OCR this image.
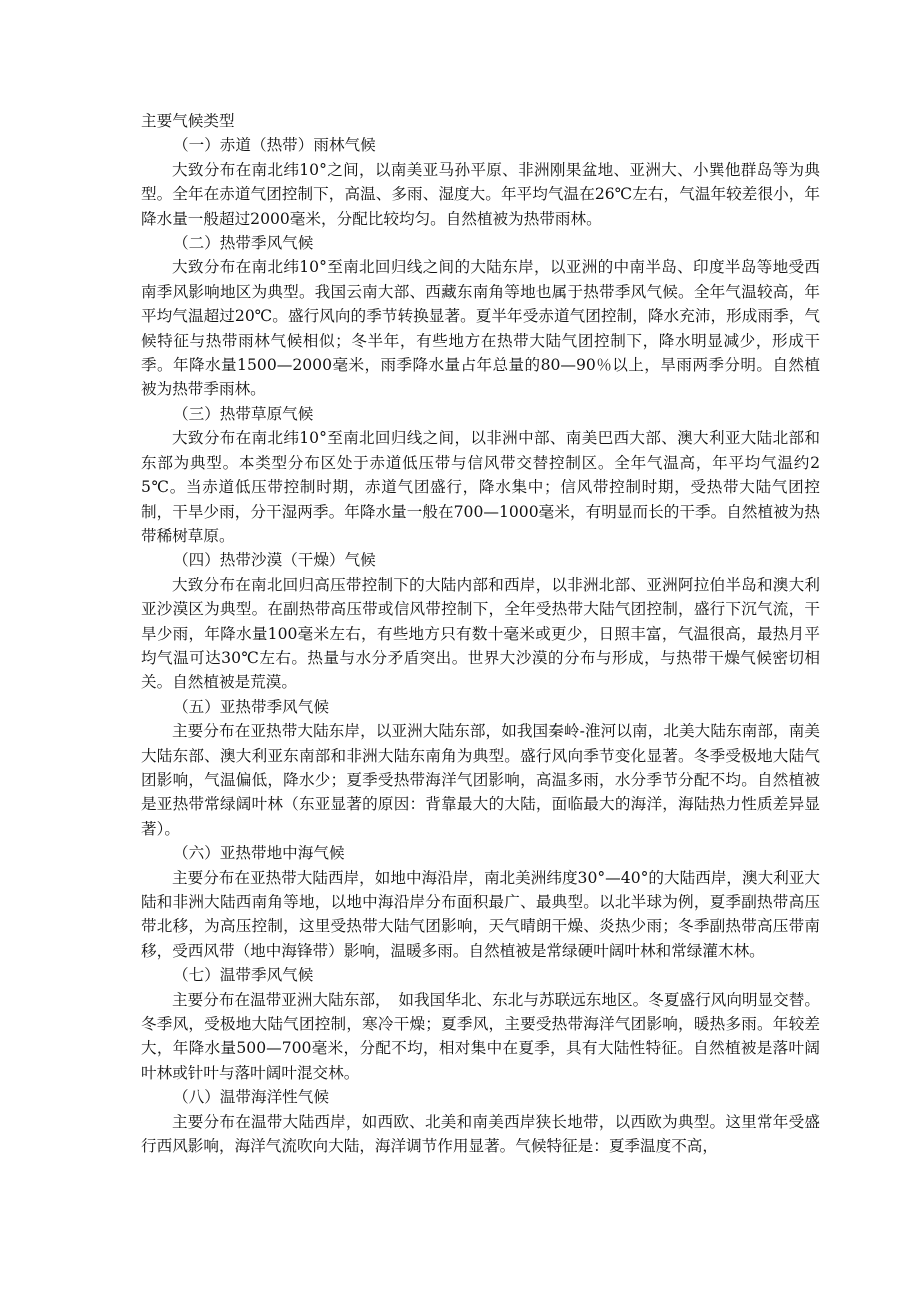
主要气候类型
（一）赤道（热带）雨林气候

大致分布在南北纬10°之间，以南美亚马孙平原、非洲刚果盆地、亚洲大、小巽他群岛等为典型。全年在赤道气团控制下，高温、多雨、湿度大。年平均气温在26℃左右，气温年较差很小，年降水量一般超过2000毫米，分配比较均匀。自然植被为热带雨林。

（二）热带季风气候

大致分布在南北纬10°至南北回归线之间的大陆东岸，以亚洲的中南半岛、印度半岛等地受西南季风影响地区为典型。我国云南大部、西藏东南角等地也属于热带季风气候。全年气温较高，年平均气温超过20℃。盛行风向的季节转换显著。夏半年受赤道气团控制，降水充沛，形成雨季，气候特征与热带雨林气候相似；冬半年，有些地方在热带大陆气团控制下，降水明显减少，形成干季。年降水量1500—2000毫米，雨季降水量占年总量的80—90％以上，旱雨两季分明。自然植被为热带季雨林。

（三）热带草原气候

大致分布在南北纬10°至南北回归线之间，以非洲中部、南美巴西大部、澳大利亚大陆北部和东部为典型。本类型分布区处于赤道低压带与信风带交替控制区。全年气温高，年平均气温约25℃。当赤道低压带控制时期，赤道气团盛行，降水集中；信风带控制时期，受热带大陆气团控制，干旱少雨，分干湿两季。年降水量一般在700—1000毫米，有明显而长的干季。自然植被为热带稀树草原。

（四）热带沙漠（干燥）气候

大致分布在南北回归高压带控制下的大陆内部和西岸，以非洲北部、亚洲阿拉伯半岛和澳大利亚沙漠区为典型。在副热带高压带或信风带控制下，全年受热带大陆气团控制，盛行下沉气流，干旱少雨，年降水量100毫米左右，有些地方只有数十毫米或更少，日照丰富，气温很高，最热月平均气温可达30℃左右。热量与水分矛盾突出。世界大沙漠的分布与形成，与热带干燥气候密切相关。自然植被是荒漠。

（五）亚热带季风气候

主要分布在亚热带大陆东岸，以亚洲大陆东部，如我国秦岭-淮河以南，北美大陆东南部，南美大陆东部、澳大利亚东南部和非洲大陆东南角为典型。盛行风向季节变化显著。冬季受极地大陆气团影响，气温偏低，降水少；夏季受热带海洋气团影响，高温多雨，水分季节分配不均。自然植被是亚热带常绿阔叶林（东亚显著的原因：背靠最大的大陆，面临最大的海洋，海陆热力性质差异显著）。

（六）亚热带地中海气候

主要分布在亚热带大陆西岸，如地中海沿岸，南北美洲纬度30°—40°的大陆西岸，澳大利亚大陆和非洲大陆西南角等地，以地中海沿岸分布面积最广、最典型。以北半球为例，夏季副热带高压带北移，为高压控制，这里受热带大陆气团影响，天气晴朗干燥、炎热少雨；冬季副热带高压带南移，受西风带（地中海锋带）影响，温暖多雨。自然植被是常绿硬叶阔叶林和常绿灌木林。

（七）温带季风气候

主要分布在温带亚洲大陆东部，　如我国华北、东北与苏联远东地区。冬夏盛行风向明显交替。冬季风，受极地大陆气团控制，寒冷干燥；夏季风，主要受热带海洋气团影响，暖热多雨。年较差大，年降水量500—700毫米，分配不均，相对集中在夏季，具有大陆性特征。自然植被是落叶阔叶林或针叶与落叶阔叶混交林。

（八）温带海洋性气候

主要分布在温带大陆西岸，如西欧、北美和南美西岸狭长地带，以西欧为典型。这里常年受盛行西风影响，海洋气流吹向大陆，海洋调节作用显著。气候特征是：夏季温度不高，
